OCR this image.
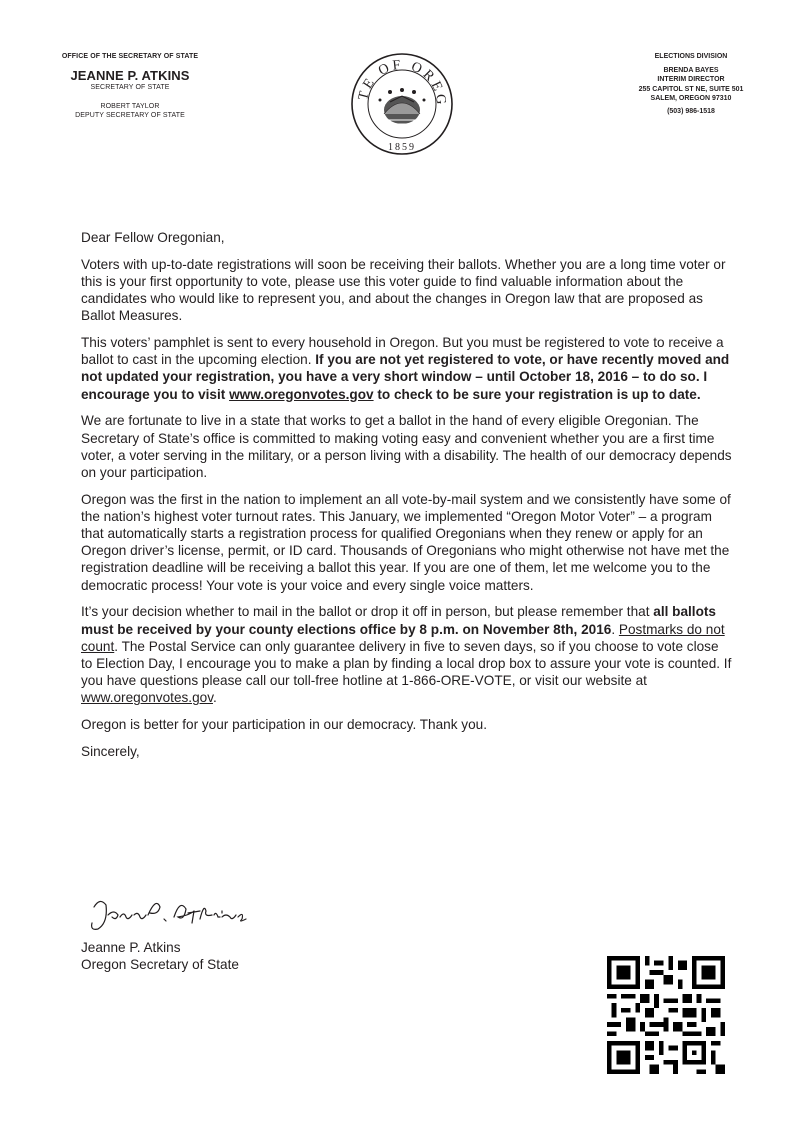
OFFICE OF THE SECRETARY OF STATE
JEANNE P. ATKINS
SECRETARY OF STATE
ROBERT TAYLOR
DEPUTY SECRETARY OF STATE
TE OF OREG
1859
ELECTIONS DIVISION
BRENDA BAYES
INTERIM DIRECTOR
255 CAPITOL ST NE, SUITE 501
SALEM, OREGON 97310
(503) 986-1518

Dear Fellow Oregonian,

Voters with up-to-date registrations will soon be receiving their ballots. Whether you are a long time voter or this is your first opportunity to vote, please use this voter guide to find valuable information about the candidates who would like to represent you, and about the changes in Oregon law that are proposed as Ballot Measures.

This voters’ pamphlet is sent to every household in Oregon. But you must be registered to vote to receive a ballot to cast in the upcoming election. If you are not yet registered to vote, or have recently moved and not updated your registration, you have a very short window – until October 18, 2016 – to do so. I encourage you to visit www.oregonvotes.gov to check to be sure your registration is up to date.

We are fortunate to live in a state that works to get a ballot in the hand of every eligible Oregonian. The Secretary of State’s office is committed to making voting easy and convenient whether you are a first time voter, a voter serving in the military, or a person living with a disability. The health of our democracy depends on your participation.

Oregon was the first in the nation to implement an all vote-by-mail system and we consistently have some of the nation’s highest voter turnout rates. This January, we implemented “Oregon Motor Voter” – a program that automatically starts a registration process for qualified Oregonians when they renew or apply for an Oregon driver’s license, permit, or ID card. Thousands of Oregonians who might otherwise not have met the registration deadline will be receiving a ballot this year. If you are one of them, let me welcome you to the democratic process! Your vote is your voice and every single voice matters.

It’s your decision whether to mail in the ballot or drop it off in person, but please remember that all ballots must be received by your county elections office by 8 p.m. on November 8th, 2016. Postmarks do not count. The Postal Service can only guarantee delivery in five to seven days, so if you choose to vote close to Election Day, I encourage you to make a plan by finding a local drop box to assure your vote is counted. If you have questions please call our toll-free hotline at 1-866-ORE-VOTE, or visit our website at www.oregonvotes.gov.

Oregon is better for your participation in our democracy. Thank you.

Sincerely,

Jeanne P. Atkins
Oregon Secretary of State
